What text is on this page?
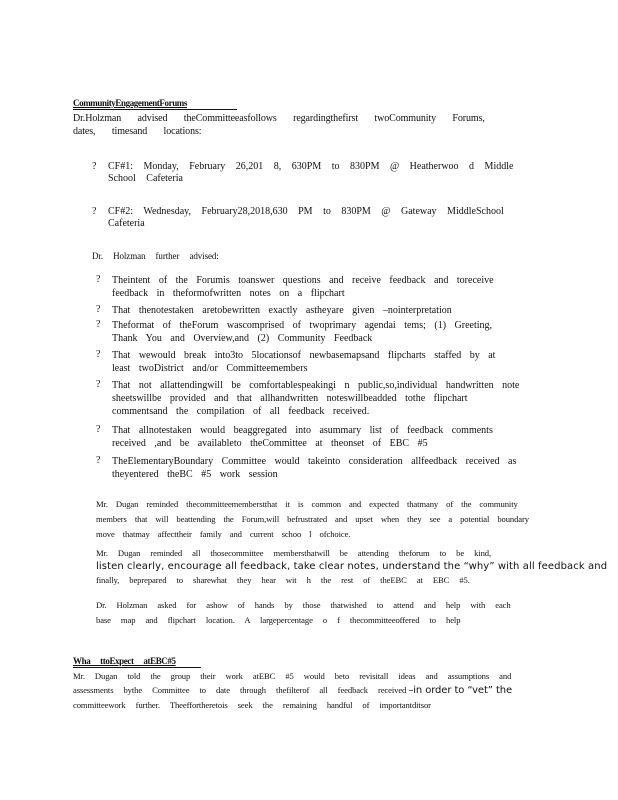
CommunityEngagementForums
Dr.Holzman advised theCommitteeasfollows regardingthefirst twoCommunity Forums, dates, timesand locations:
? CF#1: Monday, February 26,201 8, 630PM to 830PM @ Heatherwoo d Middle School Cafeteria
? CF#2: Wednesday, February28,2018,630 PM to 830PM @ Gateway MiddleSchool Cafeteria
Dr. Holzman further advised:
? Theintent of the Forumis toanswer questions and receive feedback and toreceive feedback in theformofwritten notes on a flipchart
? That thenotestaken aretobewritten exactly astheyare given –nointerpretation
? Theformat of theForum wascomprised of twoprimary agendai tems; (1) Greeting, Thank You and Overview,and (2) Community Feedback
? That wewould break into3to 5locationsof newbasemapsand flipcharts staffed by at least twoDistrict and/or Committeemembers
? That not allattendingwill be comfortablespeakingi n public,so,individual handwritten note sheetswillbe provided and that allhandwritten noteswillbeadded tothe flipchart commentsand the compilation of all feedback received.
? That allnotestaken would beaggregated into asummary list of feedback comments received ,and be availableto theCommittee at theonset of EBC #5
? TheElementaryBoundary Committee would takeinto consideration allfeedback received as theyentered theBC #5 work session
Mr. Dugan reminded thecommitteememberstthat it is common and expected thatmany of the community members that will beattending the Forum,will befrustrated and upset when they see a potential boundary move thatmay affecttheir family and current schoo l ofchoice.
Mr. Dugan reminded all thosecommittee membersthatwill be attending theforum to be kind,
listen clearly, encourage all feedback, take clear notes, understand the “why” with all feedback and
finally, beprepared to sharewhat they hear wit h the rest of theEBC at EBC #5.
Dr. Holzman asked for ashow of hands by those thatwished to attend and help with each base map and flipchart location. A largepercentage o f thecommitteeoffered to help
Wha ttoExpect atEBC#5
Mr. Dugan told the group their work atEBC #5 would beto revisitall ideas and assumptions and assessments bythe Committee to date through thefilterof all feedback received –in order to “vet” the committeework further. Theeffortheretois seek the remaining handful of importantditsor
